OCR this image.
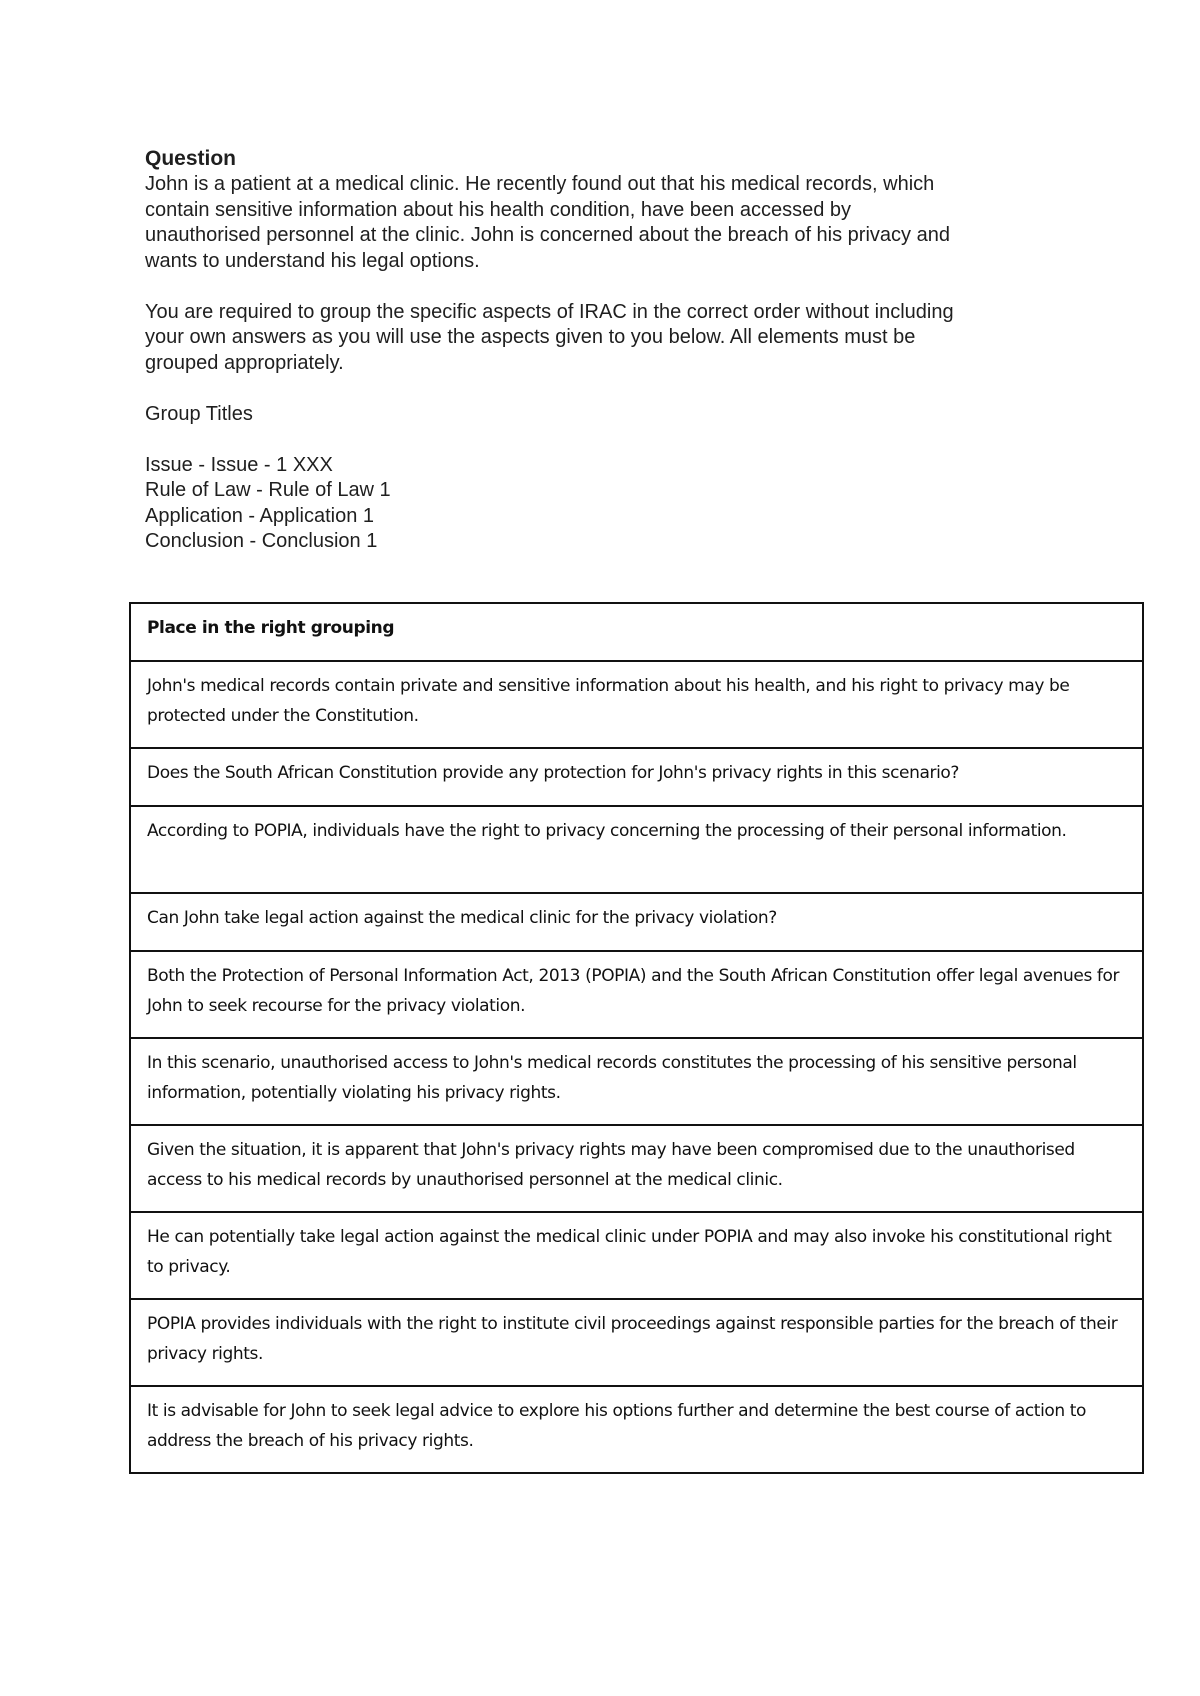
Question

John is a patient at a medical clinic. He recently found out that his medical records, which

contain sensitive information about his health condition, have been accessed by

unauthorised personnel at the clinic. John is concerned about the breach of his privacy and

wants to understand his legal options.

You are required to group the specific aspects of IRAC in the correct order without including

your own answers as you will use the aspects given to you below. All elements must be

grouped appropriately.

Group Titles

Issue - Issue - 1 XXX

Rule of Law - Rule of Law 1

Application - Application 1

Conclusion - Conclusion 1

Place in the right grouping
John's medical records contain private and sensitive information about his health, and his right to privacy may be protected under the Constitution.
Does the South African Constitution provide any protection for John's privacy rights in this scenario?
According to POPIA, individuals have the right to privacy concerning the processing of their personal information.
Can John take legal action against the medical clinic for the privacy violation?
Both the Protection of Personal Information Act, 2013 (POPIA) and the South African Constitution offer legal avenues for John to seek recourse for the privacy violation.
In this scenario, unauthorised access to John's medical records constitutes the processing of his sensitive personal information, potentially violating his privacy rights.
Given the situation, it is apparent that John's privacy rights may have been compromised due to the unauthorised access to his medical records by unauthorised personnel at the medical clinic.
He can potentially take legal action against the medical clinic under POPIA and may also invoke his constitutional right to privacy.
POPIA provides individuals with the right to institute civil proceedings against responsible parties for the breach of their privacy rights.
It is advisable for John to seek legal advice to explore his options further and determine the best course of action to address the breach of his privacy rights.
